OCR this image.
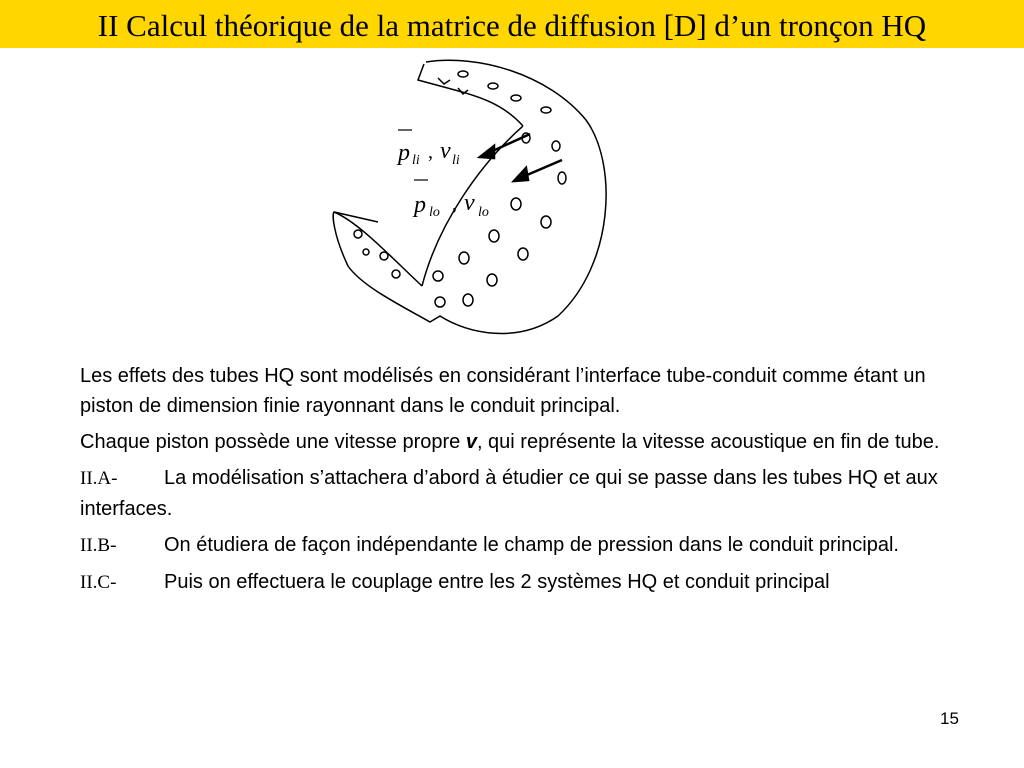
II Calcul théorique de la matrice de diffusion [D] d’un tronçon HQ
p li , v li
p lo , v lo

Les effets des tubes HQ sont modélisés en considérant l’interface tube-conduit comme étant un piston de dimension finie rayonnant dans le conduit principal.

Chaque piston possède une vitesse propre v, qui représente la vitesse acoustique en fin de tube.

II.A- La modélisation s’attachera d’abord à étudier ce qui se passe dans les tubes HQ et aux interfaces.

II.B- On étudiera de façon indépendante le champ de pression dans le conduit principal.

II.C- Puis on effectuera le couplage entre les 2 systèmes HQ et conduit principal

15
